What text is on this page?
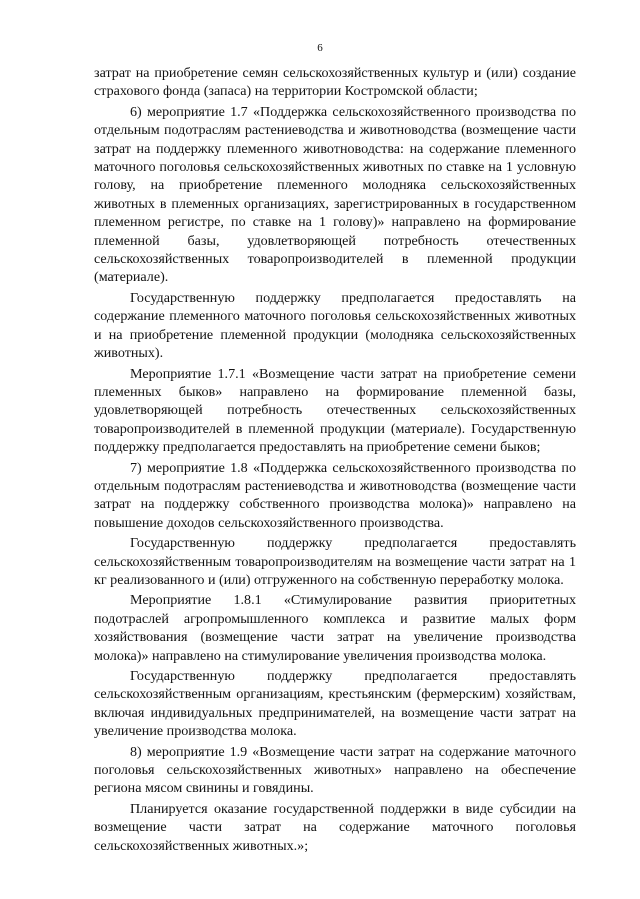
6

затрат на приобретение семян сельскохозяйственных культур и (или) создание страхового фонда (запаса) на территории Костромской области;

6) мероприятие 1.7 «Поддержка сельскохозяйственного производства по отдельным подотраслям растениеводства и животноводства (возмещение части затрат на поддержку племенного животноводства: на содержание племенного маточного поголовья сельскохозяйственных животных по ставке на 1 условную голову, на приобретение племенного молодняка сельскохозяйственных животных в племенных организациях, зарегистрированных в государственном племенном регистре, по ставке на 1 голову)» направлено на формирование племенной базы, удовлетворяющей потребность отечественных сельскохозяйственных товаропроизводителей в племенной продукции (материале).

Государственную поддержку предполагается предоставлять на содержание племенного маточного поголовья сельскохозяйственных животных и на приобретение племенной продукции (молодняка сельскохозяйственных животных).

Мероприятие 1.7.1 «Возмещение части затрат на приобретение семени племенных быков» направлено на формирование племенной базы, удовлетворяющей потребность отечественных сельскохозяйственных товаропроизводителей в племенной продукции (материале). Государственную поддержку предполагается предоставлять на приобретение семени быков;

7) мероприятие 1.8 «Поддержка сельскохозяйственного производства по отдельным подотраслям растениеводства и животноводства (возмещение части затрат на поддержку собственного производства молока)» направлено на повышение доходов сельскохозяйственного производства.

Государственную поддержку предполагается предоставлять сельскохозяйственным товаропроизводителям на возмещение части затрат на 1 кг реализованного и (или) отгруженного на собственную переработку молока.

Мероприятие 1.8.1 «Стимулирование развития приоритетных подотраслей агропромышленного комплекса и развитие малых форм хозяйствования (возмещение части затрат на увеличение производства молока)» направлено на стимулирование увеличения производства молока.

Государственную поддержку предполагается предоставлять сельскохозяйственным организациям, крестьянским (фермерским) хозяйствам, включая индивидуальных предпринимателей, на возмещение части затрат на увеличение производства молока.

8) мероприятие 1.9 «Возмещение части затрат на содержание маточного поголовья сельскохозяйственных животных» направлено на обеспечение региона мясом свинины и говядины.

Планируется оказание государственной поддержки в виде субсидии на возмещение части затрат на содержание маточного поголовья сельскохозяйственных животных.»;
